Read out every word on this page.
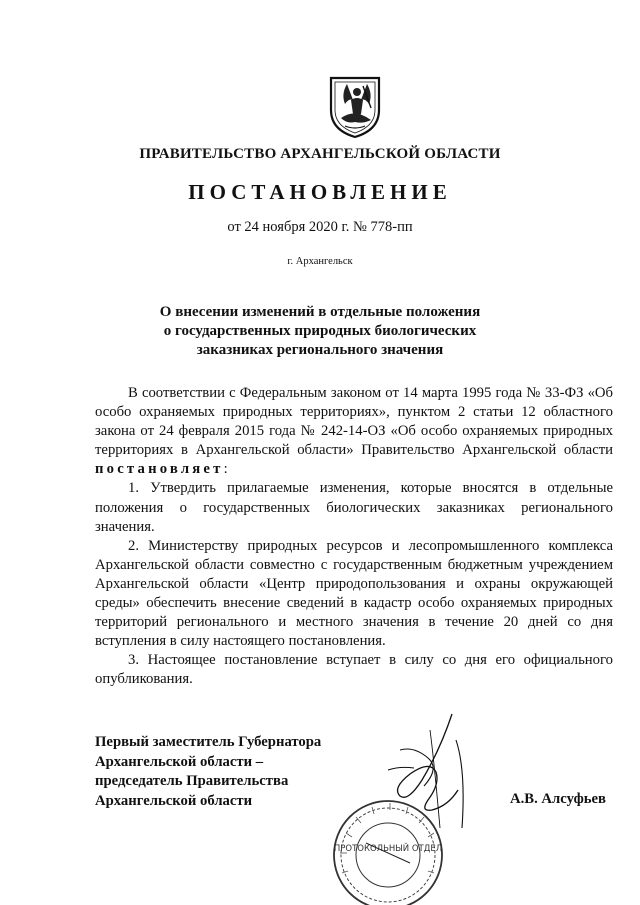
ПРАВИТЕЛЬСТВО АРХАНГЕЛЬСКОЙ ОБЛАСТИ
ПОСТАНОВЛЕНИЕ
от 24 ноября 2020 г. № 778-пп
г. Архангельск
О внесении изменений в отдельные положения
о государственных природных биологических
заказниках регионального значения

В соответствии с Федеральным законом от 14 марта 1995 года № 33-ФЗ «Об особо охраняемых природных территориях», пунктом 2 статьи 12 областного закона от 24 февраля 2015 года № 242-14-ОЗ «Об особо охраняемых природных территориях в Архангельской области» Правительство Архангельской области постановляет:

1. Утвердить прилагаемые изменения, которые вносятся в отдельные положения о государственных биологических заказниках регионального значения.

2. Министерству природных ресурсов и лесопромышленного комплекса Архангельской области совместно с государственным бюджетным учреждением Архангельской области «Центр природопользования и охраны окружающей среды» обеспечить внесение сведений в кадастр особо охраняемых природных территорий регионального и местного значения в течение 20 дней со дня вступления в силу настоящего постановления.

3. Настоящее постановление вступает в силу со дня его официального опубликования.

Первый заместитель Губернатора
Архангельской области –
председатель Правительства
Архангельской области	А.В. Алсуфьев
ПРОТОКОЛЬНЫЙ ОТДЕЛ
